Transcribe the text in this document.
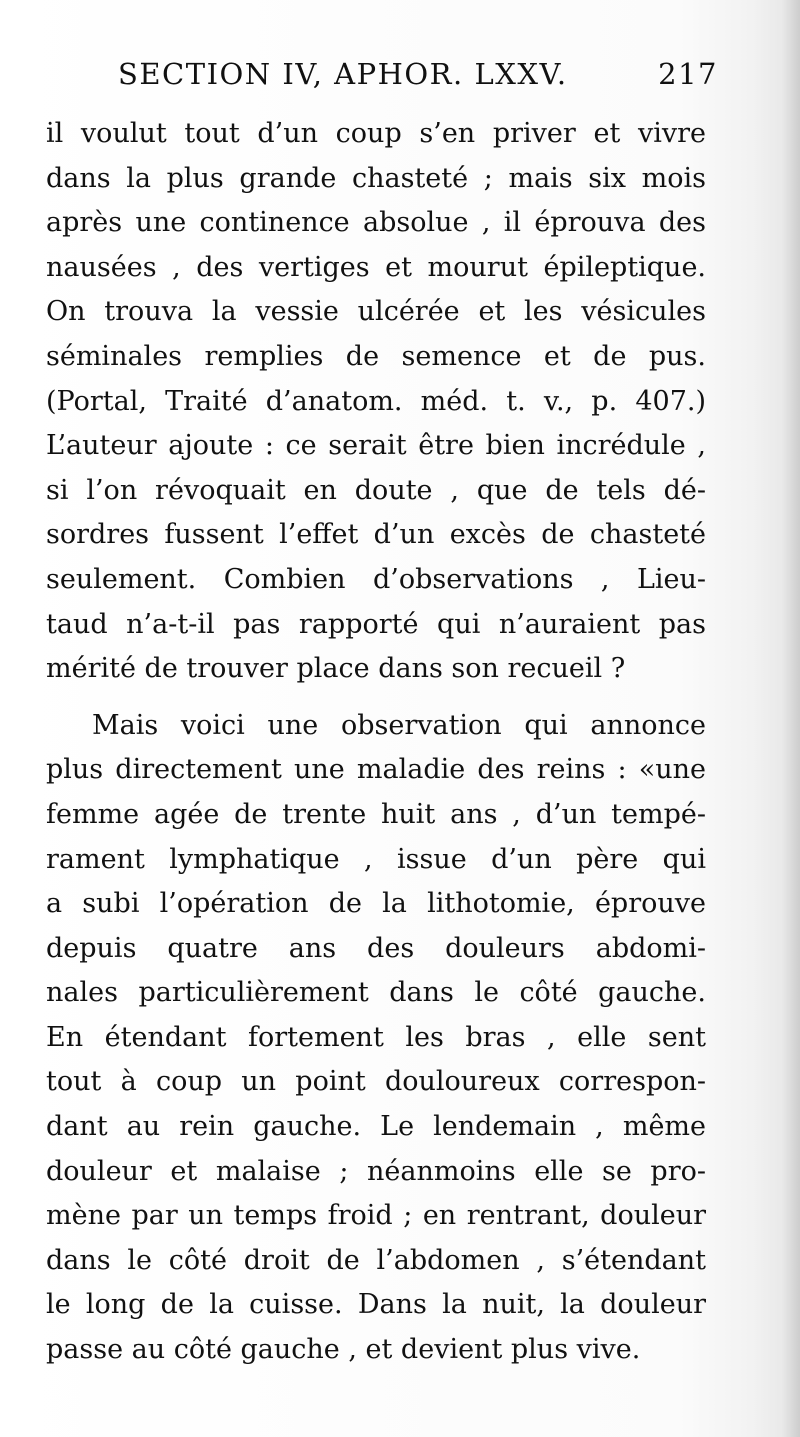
SECTION IV, APHOR. LXXV.	217
il voulut tout d’un coup s’en priver et vivre
dans la plus grande chasteté ; mais six mois
après une continence absolue , il éprouva des
nausées , des vertiges et mourut épileptique.
On trouva la vessie ulcérée et les vésicules
séminales remplies de semence et de pus.
(Portal, Traité d’anatom. méd. t. v., p. 407.)
L’auteur ajoute : ce serait être bien incrédule ,
si l’on révoquait en doute , que de tels dé-
sordres fussent l’effet d’un excès de chasteté
seulement. Combien d’observations , Lieu-
taud n’a-t-il pas rapporté qui n’auraient pas
mérité de trouver place dans son recueil ?
Mais voici une observation qui annonce
plus directement une maladie des reins : «une
femme agée de trente huit ans , d’un tempé-
rament lymphatique , issue d’un père qui
a subi l’opération de la lithotomie, éprouve
depuis quatre ans des douleurs abdomi-
nales particulièrement dans le côté gauche.
En étendant fortement les bras , elle sent
tout à coup un point douloureux correspon-
dant au rein gauche. Le lendemain , même
douleur et malaise ; néanmoins elle se pro-
mène par un temps froid ; en rentrant, douleur
dans le côté droit de l’abdomen , s’étendant
le long de la cuisse. Dans la nuit, la douleur
passe au côté gauche , et devient plus vive.
